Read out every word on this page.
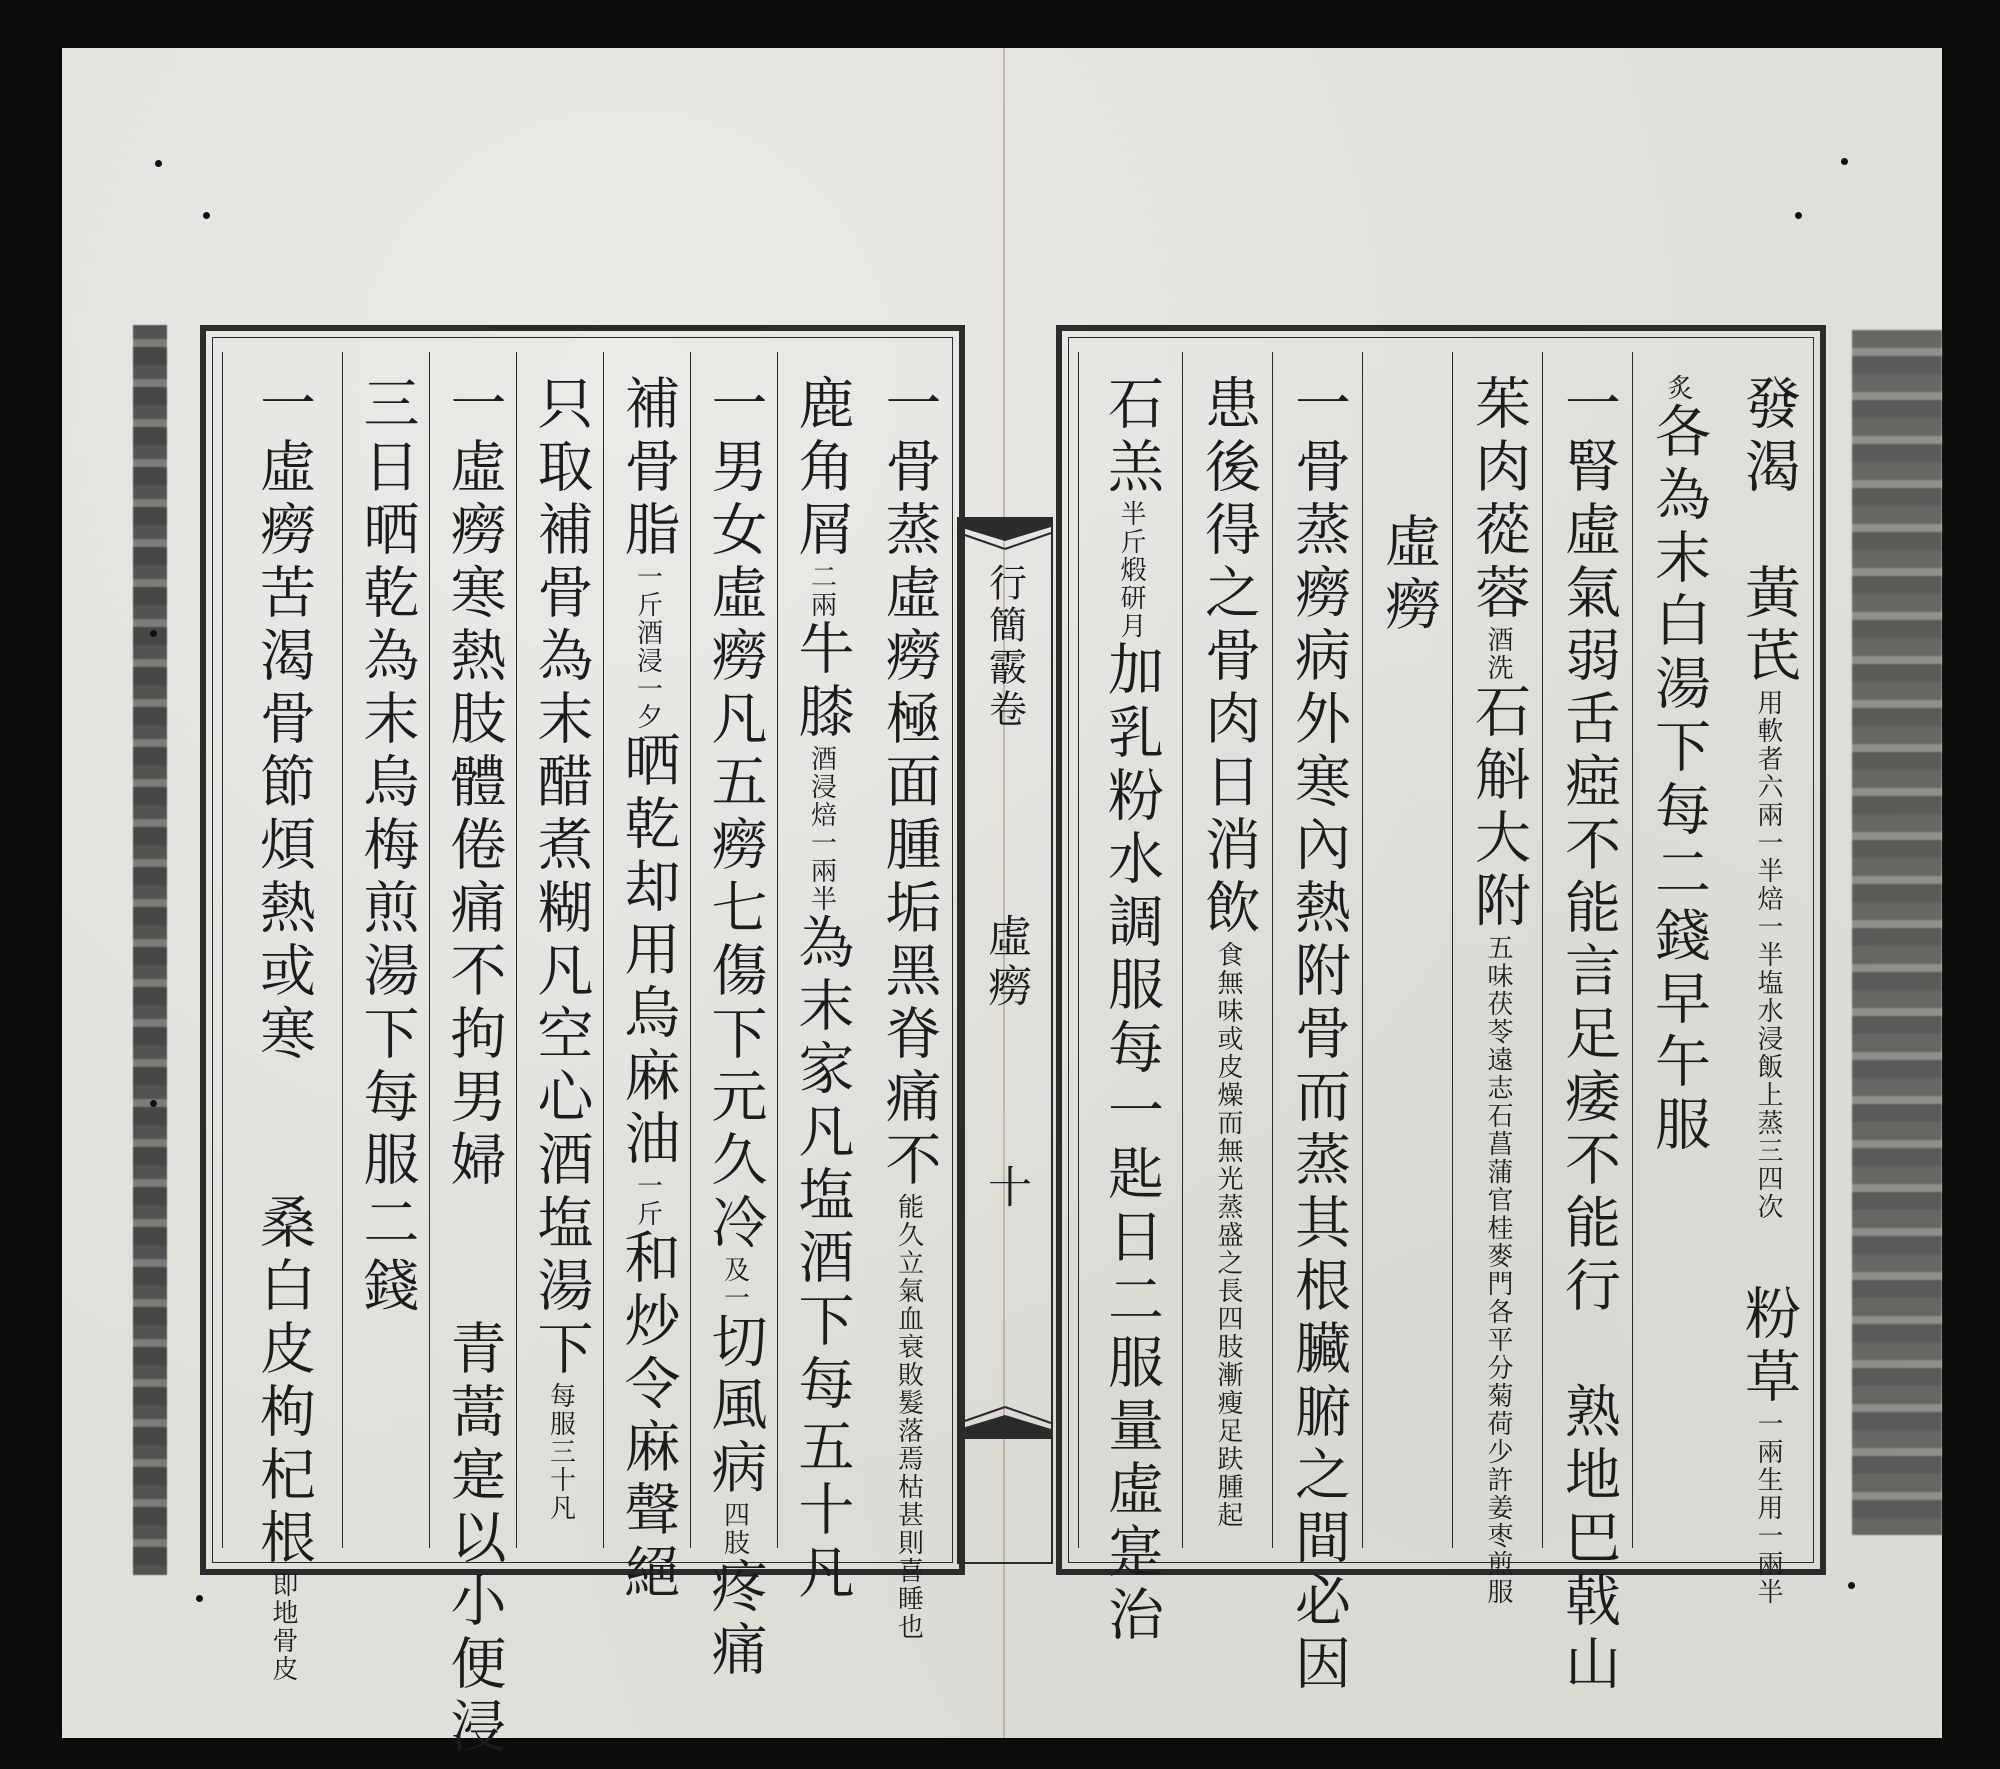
一骨蒸虛癆極面腫垢黑脊痛不能久立氣血衰敗髮落焉枯甚則喜睡也

鹿角屑二兩牛膝酒浸焙一兩半為末家凡塩酒下每五十凡

一男女虛癆凡五癆七傷下元久冷及一切風病四肢疼痛

補骨脂一斤酒浸一夕晒乾却用烏麻油一斤和炒令麻聲絕

只取補骨為末醋煮糊凡空心酒塩湯下每服三十凡

一虛癆寒熱肢體倦痛不拘男婦　　青蒿寔以小便浸

三日晒乾為末烏梅煎湯下每服二錢

一虛癆苦渴骨節煩熱或寒　　桑白皮枸杞根即地骨皮

行簡霰卷

虛癆

十

發渴　黃芪用軟者六兩一半焙一半塩水浸飯上蒸三四次　粉草一兩生用一兩半

炙各為末白湯下每二錢早午服

一腎虛氣弱舌瘂不能言足痿不能行　熟地巴戟山

茱肉蓯蓉酒洗石斛大附五味茯苓遠志石菖蒲官桂麥門各平分菊荷少許姜枣煎服

虛癆

一骨蒸癆病外寒內熱附骨而蒸其根臟腑之間必因

患後得之骨肉日消飲食無味或皮燥而無光蒸盛之長四肢漸瘦足趺腫起

石羔半斤煅研月加乳粉水調服每一匙日二服量虛寔治
